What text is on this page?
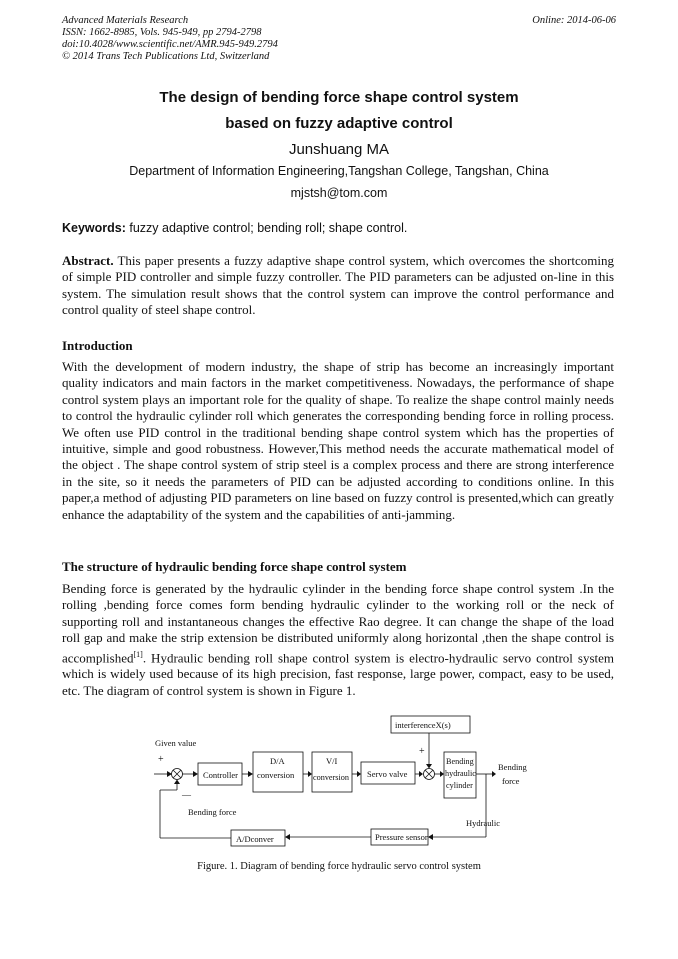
Advanced Materials Research
ISSN: 1662-8985, Vols. 945-949, pp 2794-2798
doi:10.4028/www.scientific.net/AMR.945-949.2794
© 2014 Trans Tech Publications Ltd, Switzerland
Online: 2014-06-06
The design of bending force shape control system
based on fuzzy adaptive control
Junshuang MA
Department of Information Engineering,Tangshan College, Tangshan, China
mjstsh@tom.com
Keywords: fuzzy adaptive control; bending roll; shape control.
Abstract. This paper presents a fuzzy adaptive shape control system, which overcomes the shortcoming of simple PID controller and simple fuzzy controller. The PID parameters can be adjusted on-line in this system. The simulation result shows that the control system can improve the control performance and control quality of steel shape control.
Introduction
With the development of modern industry, the shape of strip has become an increasingly important quality indicators and main factors in the market competitiveness. Nowadays, the performance of shape control system plays an important role for the quality of shape. To realize the shape control mainly needs to control the hydraulic cylinder roll which generates the corresponding bending force in rolling process. We often use PID control in the traditional bending shape control system which has the properties of intuitive, simple and good robustness. However,This method needs the accurate mathematical model of the object . The shape control system of strip steel is a complex process and there are strong interference in the site, so it needs the parameters of PID can be adjusted according to conditions online. In this paper,a method of adjusting PID parameters on line based on fuzzy control is presented,which can greatly enhance the adaptability of the system and the capabilities of anti-jamming.
The structure of hydraulic bending force shape control system
Bending force is generated by the hydraulic cylinder in the bending force shape control system .In the rolling ,bending force comes form bending hydraulic cylinder to the working roll or the neck of supporting roll and instantaneous changes the effective Rao degree. It can change the shape of the load roll gap and make the strip extension be distributed uniformly along horizontal ,then the shape control is accomplished[1]. Hydraulic bending roll shape control system is electro-hydraulic servo control system which is widely used because of its high precision, fast response, large power, compact, easy to be used, etc. The diagram of control system is shown in Figure 1.
Given value
+
—
Controller
D/A
conversion
V/I
conversion Servo valve
interferenceX(s)
+
Bending
hydraulic
cylinder
Bending
force
Hydraulic
Pressure sensor
A/Dconver
Bending force
Figure. 1. Diagram of bending force hydraulic servo control system
